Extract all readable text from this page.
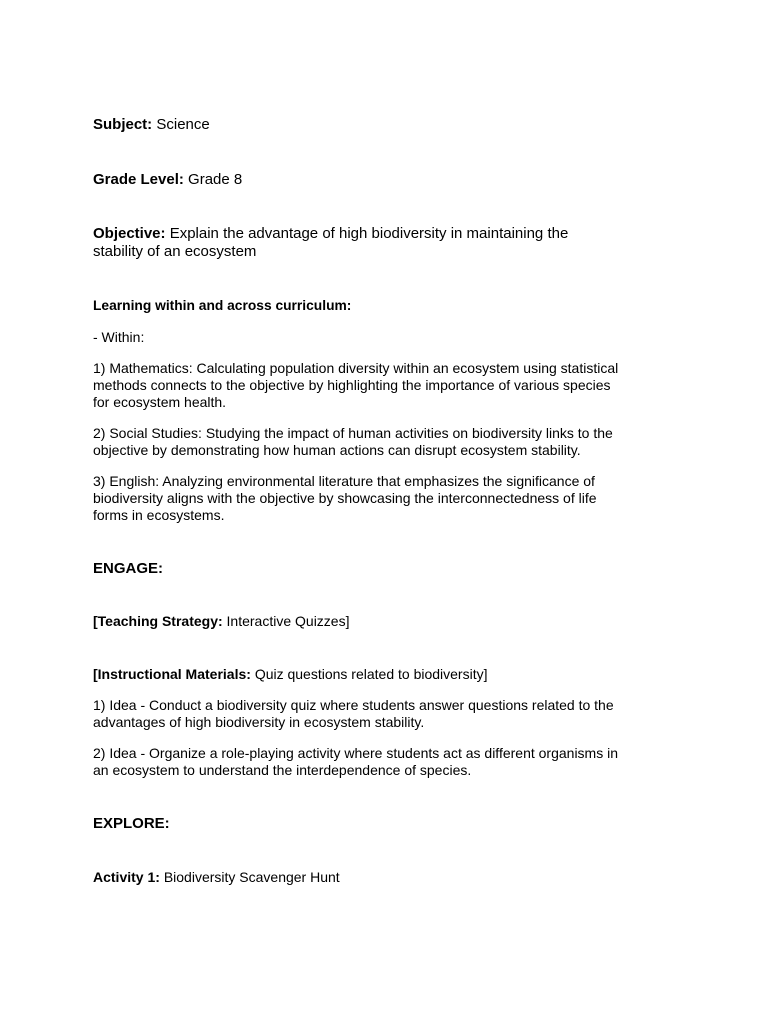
Subject: Science

Grade Level: Grade 8

Objective: Explain the advantage of high biodiversity in maintaining the

stability of an ecosystem

Learning within and across curriculum:

- Within:

1) Mathematics: Calculating population diversity within an ecosystem using statistical

methods connects to the objective by highlighting the importance of various species

for ecosystem health.

2) Social Studies: Studying the impact of human activities on biodiversity links to the

objective by demonstrating how human actions can disrupt ecosystem stability.

3) English: Analyzing environmental literature that emphasizes the significance of

biodiversity aligns with the objective by showcasing the interconnectedness of life

forms in ecosystems.

ENGAGE:

[Teaching Strategy: Interactive Quizzes]

[Instructional Materials: Quiz questions related to biodiversity]

1) Idea - Conduct a biodiversity quiz where students answer questions related to the

advantages of high biodiversity in ecosystem stability.

2) Idea - Organize a role-playing activity where students act as different organisms in

an ecosystem to understand the interdependence of species.

EXPLORE:

Activity 1: Biodiversity Scavenger Hunt
